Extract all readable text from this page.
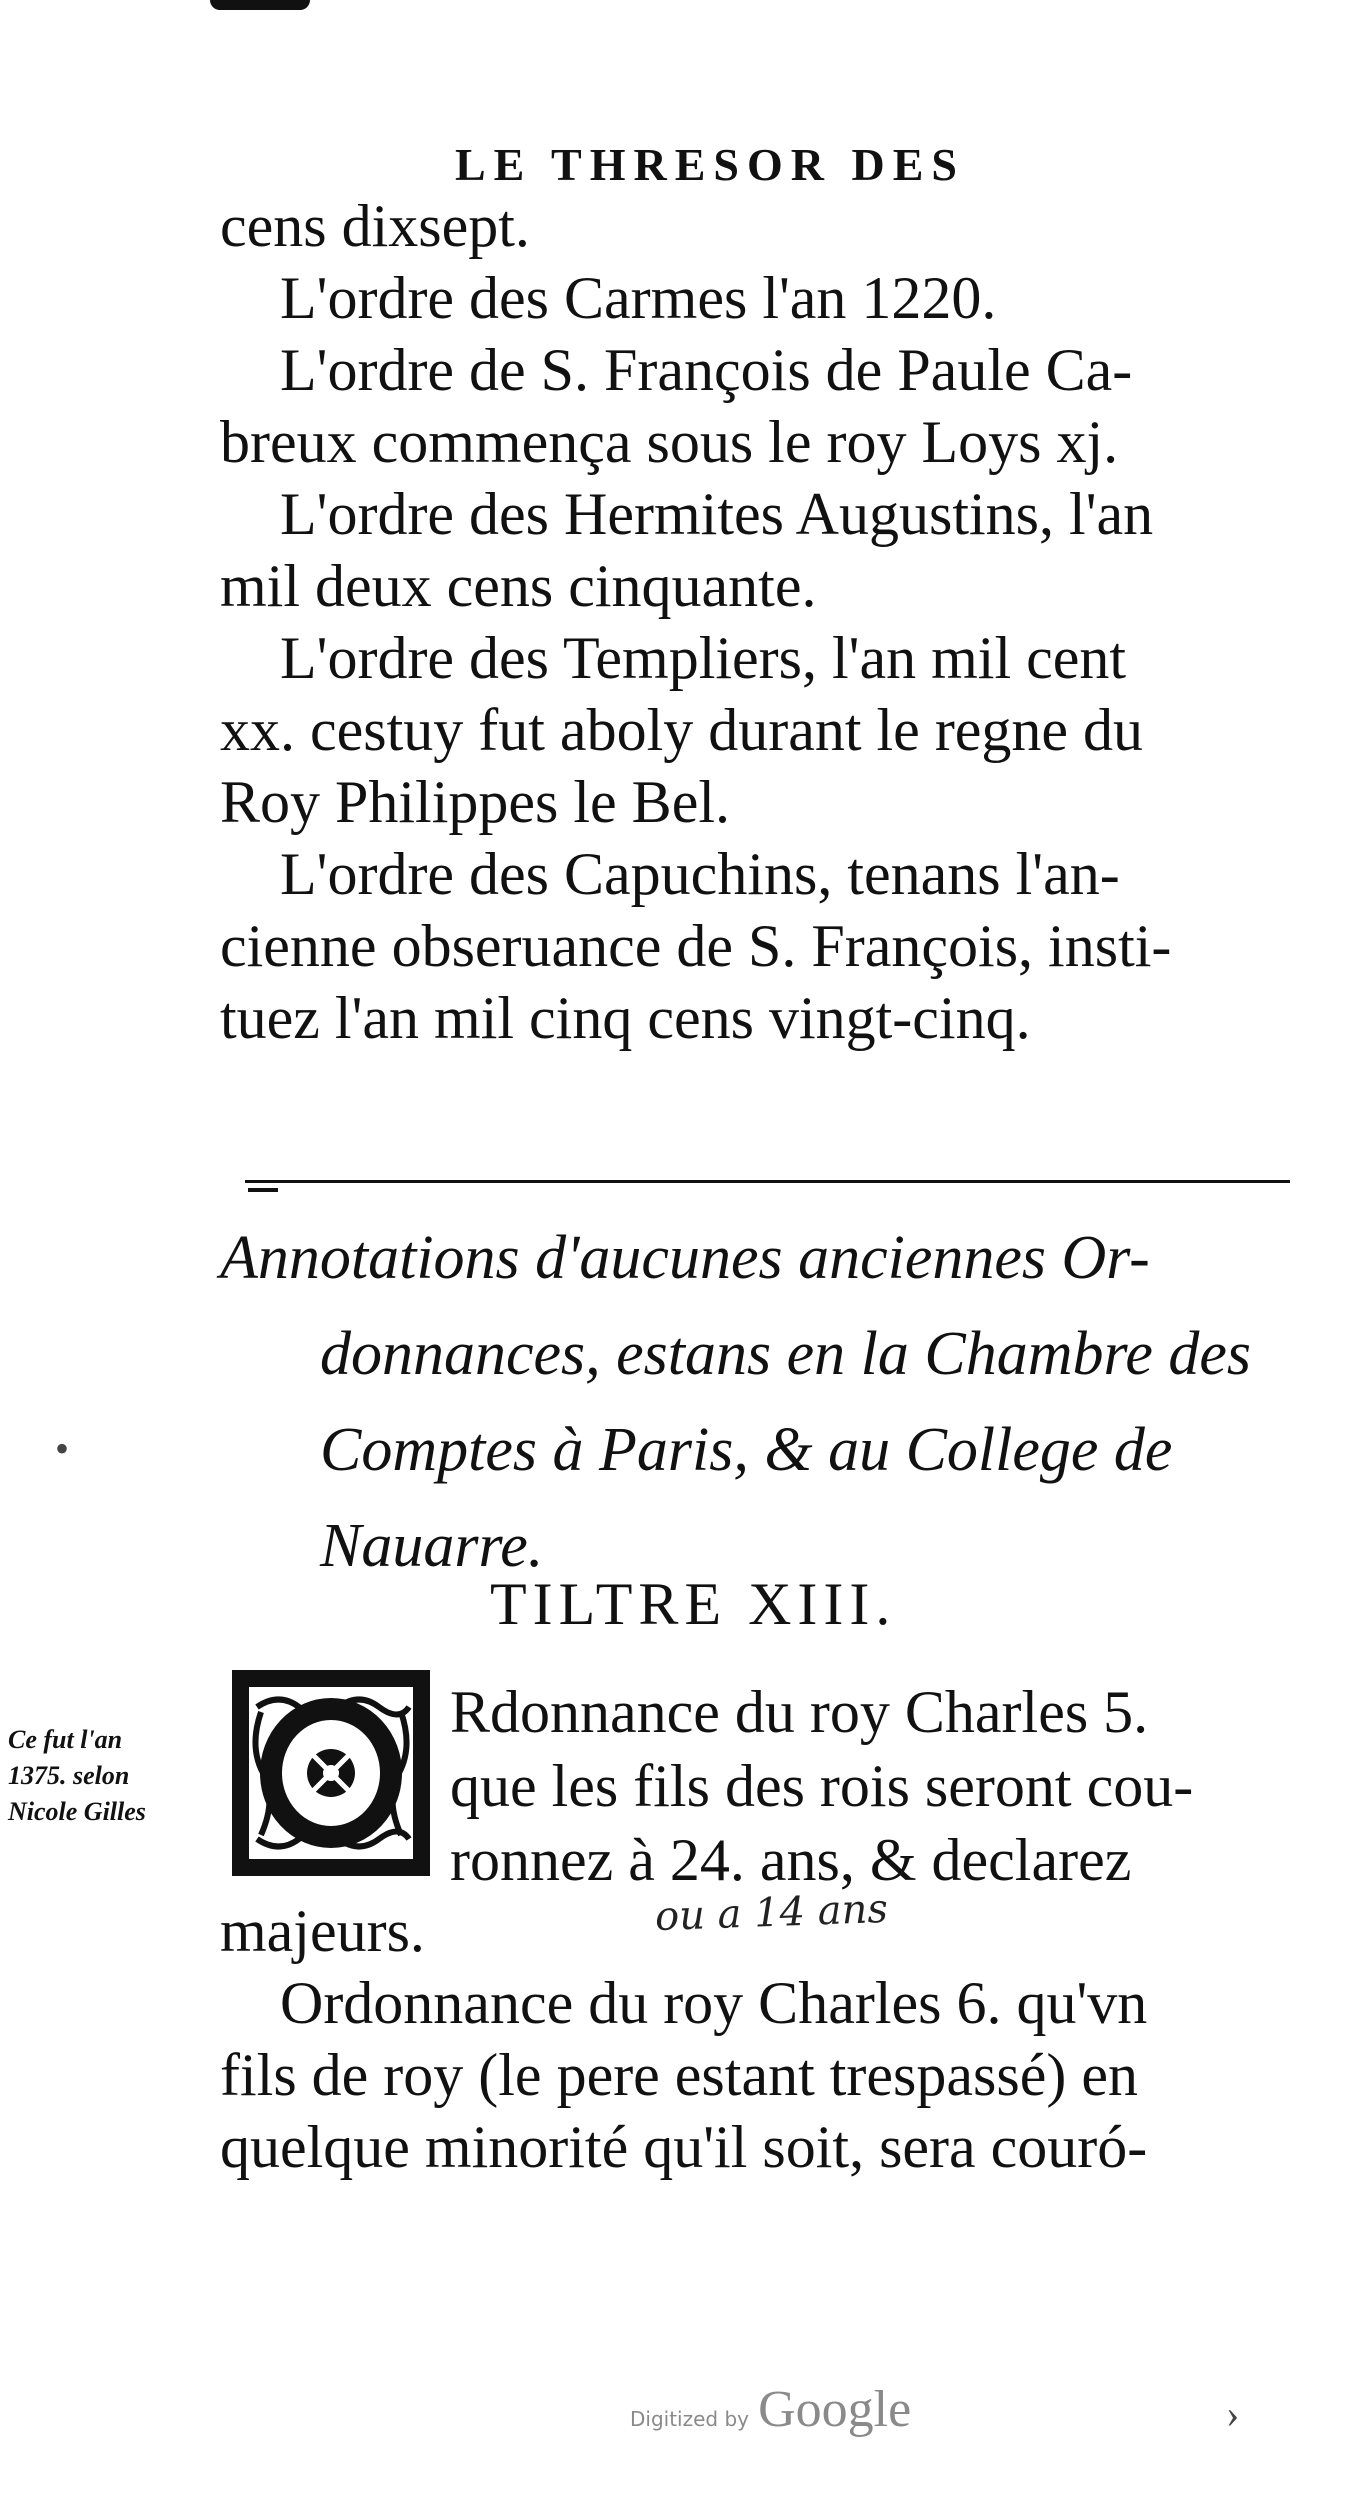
LE THRESOR DES
cens dixsept.
L'ordre des Carmes l'an 1220.
L'ordre de S. François de Paule Ca-
breux commença sous le roy Loys xj.
L'ordre des Hermites Augustins, l'an
mil deux cens cinquante.
L'ordre des Templiers, l'an mil cent
xx. cestuy fut aboly durant le regne du
Roy Philippes le Bel.
L'ordre des Capuchins, tenans l'an-
cienne obseruance de S. François, insti-
tuez l'an mil cinq cens vingt-cinq.
Annotations d'aucunes anciennes Or-
donnances, estans en la Chambre des
Comptes à Paris, & au College de
Nauarre.
TILTRE XIII.
Ce fut l'an
1375. selon
Nicole Gilles
Rdonnance du roy Charles 5.
que les fils des rois seront cou-
ronnez à 24. ans, & declarez
majeurs.
Ordonnance du roy Charles 6. qu'vn
fils de roy (le pere estant trespassé) en
quelque minorité qu'il soit, sera couró-
ou a 14 ans
Digitized by Google	›
•
